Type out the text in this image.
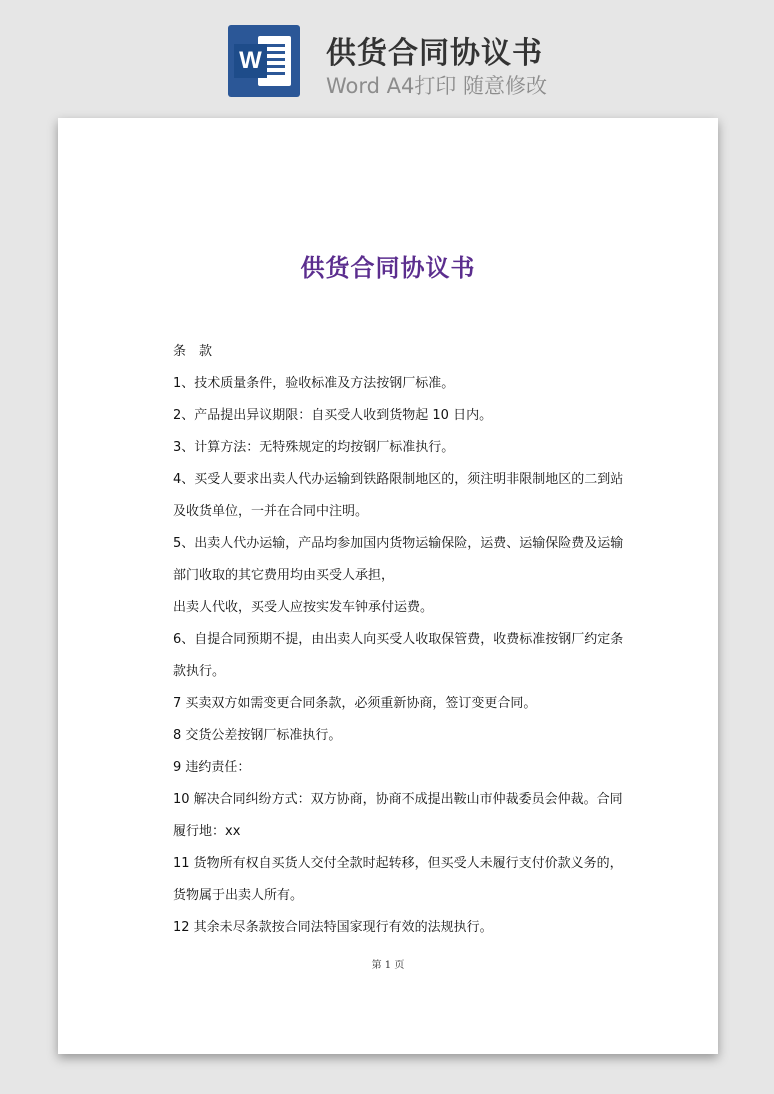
W 供货合同协议书
Word A4打印 随意修改
供货合同协议书
条　款
1、技术质量条件，验收标准及方法按钢厂标准。
2、产品提出异议期限：自买受人收到货物起 10 日内。
3、计算方法：无特殊规定的均按钢厂标准执行。
4、买受人要求出卖人代办运输到铁路限制地区的，须注明非限制地区的二到站
及收货单位，一并在合同中注明。
5、出卖人代办运输，产品均参加国内货物运输保险，运费、运输保险费及运输
部门收取的其它费用均由买受人承担，
出卖人代收，买受人应按实发车钟承付运费。
6、自提合同预期不提，由出卖人向买受人收取保管费，收费标准按钢厂约定条
款执行。
7 买卖双方如需变更合同条款，必须重新协商，签订变更合同。
8 交货公差按钢厂标准执行。
9 违约责任：
10 解决合同纠纷方式：双方协商，协商不成提出鞍山市仲裁委员会仲裁。合同
履行地：xx
11 货物所有权自买货人交付全款时起转移，但买受人未履行支付价款义务的，
货物属于出卖人所有。
12 其余未尽条款按合同法特国家现行有效的法规执行。
第 1 页
